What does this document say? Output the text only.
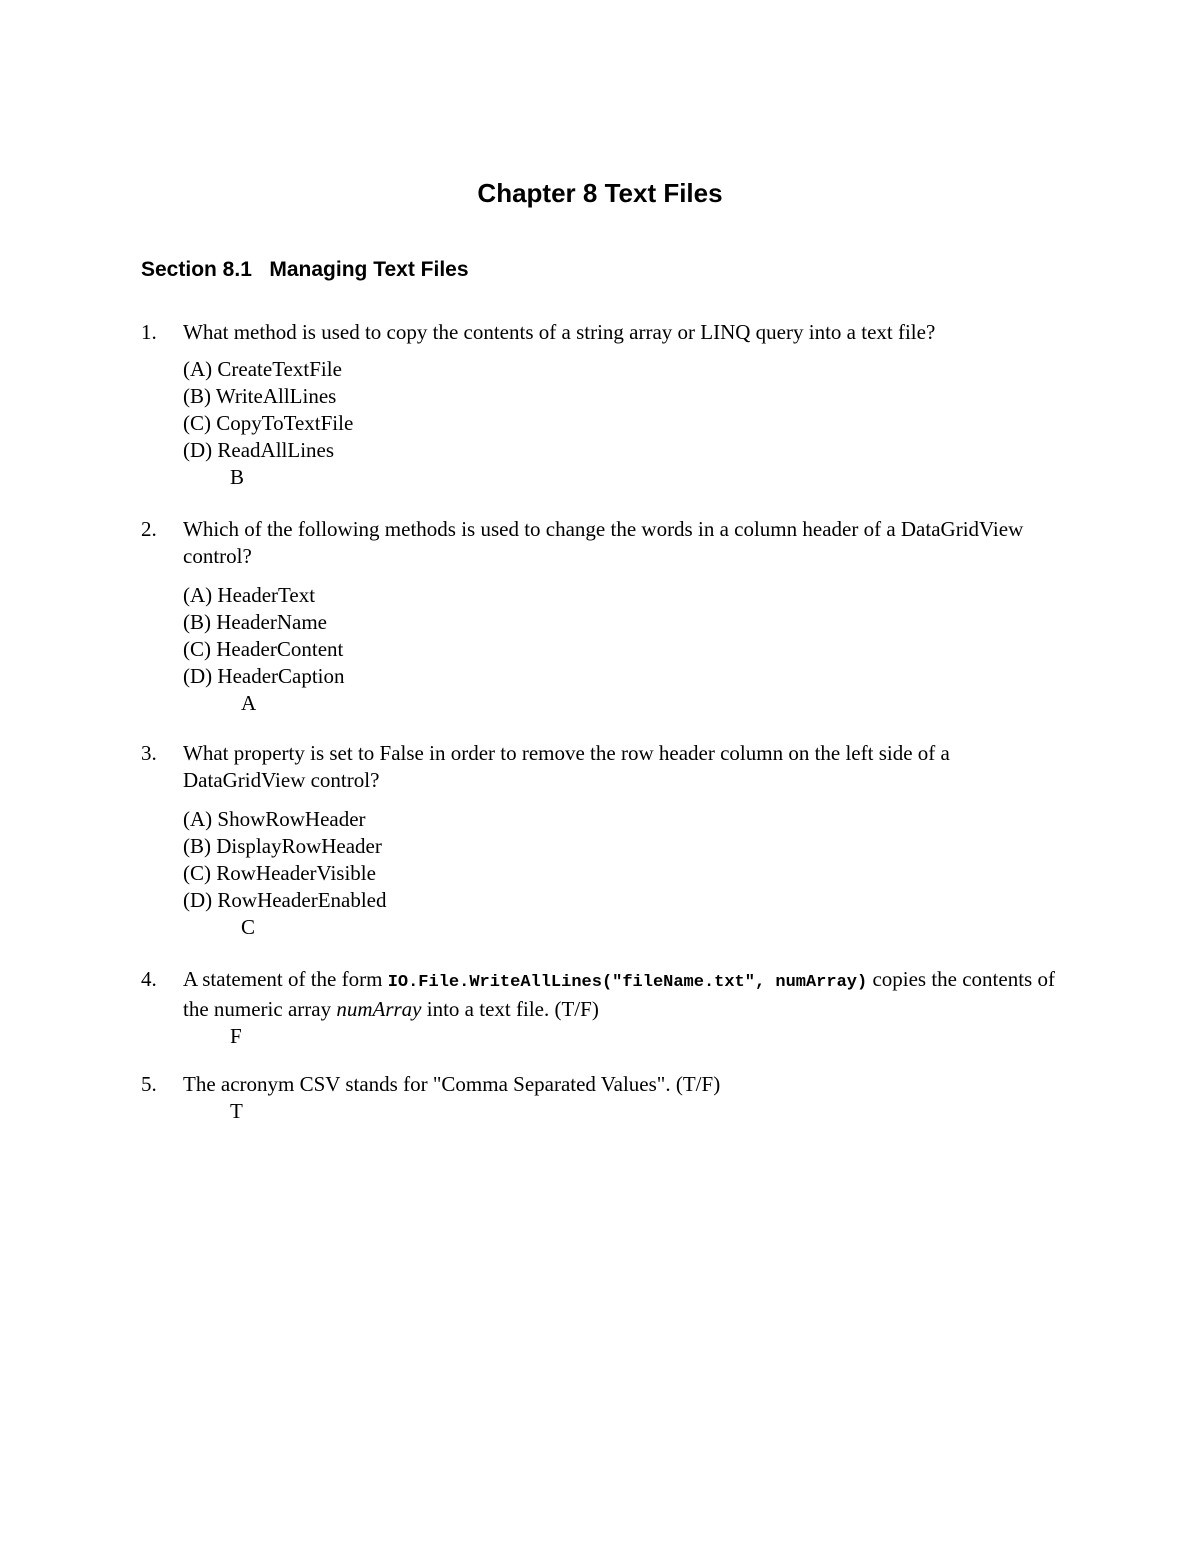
Chapter 8 Text Files
Section 8.1   Managing Text Files
1. What method is used to copy the contents of a string array or LINQ query into a text file?
(A) CreateTextFile
(B) WriteAllLines
(C) CopyToTextFile
(D) ReadAllLines
B
2. Which of the following methods is used to change the words in a column header of a DataGridView control?
(A) HeaderText
(B) HeaderName
(C) HeaderContent
(D) HeaderCaption
A
3. What property is set to False in order to remove the row header column on the left side of a DataGridView control?
(A) ShowRowHeader
(B) DisplayRowHeader
(C) RowHeaderVisible
(D) RowHeaderEnabled
C
4. A statement of the form IO.File.WriteAllLines("fileName.txt", numArray) copies the contents of the numeric array numArray into a text file. (T/F)
F
5. The acronym CSV stands for "Comma Separated Values". (T/F)
T
